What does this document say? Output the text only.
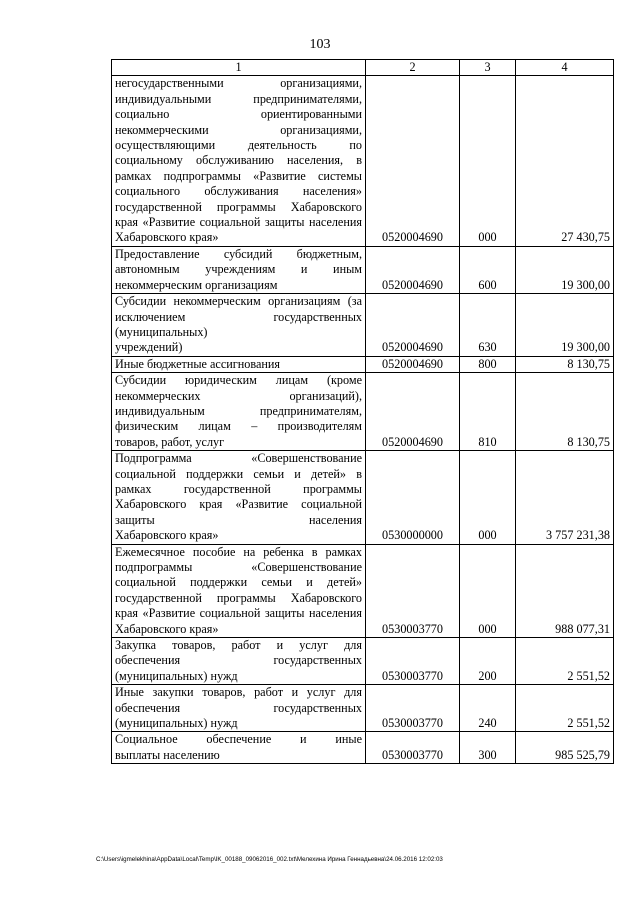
103
1	2	3	4
негосударственными организациями, индивидуальными предпринимателями, социально ориентированными некоммерческими организациями, осуществляющими деятельность по социальному обслуживанию населения, в рамках подпрограммы «Развитие системы социального обслуживания населения» государственной программы Хабаровского края «Развитие социальной защиты населения
Хабаровского края»	0520004690	000	27 430,75
Предоставление субсидий бюджетным, автономным учреждениям и иным
некоммерческим организациям	0520004690	600	19 300,00
Субсидии некоммерческим организациям (за исключением государственных (муниципальных)
учреждений)	0520004690	630	19 300,00

Иные бюджетные ассигнования	0520004690	800	8 130,75
Субсидии юридическим лицам (кроме некоммерческих организаций), индивидуальным предпринимателям, физическим лицам – производителям
товаров, работ, услуг	0520004690	810	8 130,75
Подпрограмма «Совершенствование социальной поддержки семьи и детей» в рамках государственной программы Хабаровского края «Развитие социальной защиты населения
Хабаровского края»	0530000000	000	3 757 231,38
Ежемесячное пособие на ребенка в рамках подпрограммы «Совершенствование социальной поддержки семьи и детей» государственной программы Хабаровского края «Развитие социальной защиты населения
Хабаровского края»	0530003770	000	988 077,31
Закупка товаров, работ и услуг для обеспечения государственных
(муниципальных) нужд	0530003770	200	2 551,52
Иные закупки товаров, работ и услуг для обеспечения государственных
(муниципальных) нужд	0530003770	240	2 551,52
Социальное обеспечение и иные
выплаты населению	0530003770	300	985 525,79
C:\Users\igmelekhina\AppData\Local\Temp\IK_00188_09062016_002.txt\Мелехина Ирина Геннадьевна\24.06.2016 12:02:03
